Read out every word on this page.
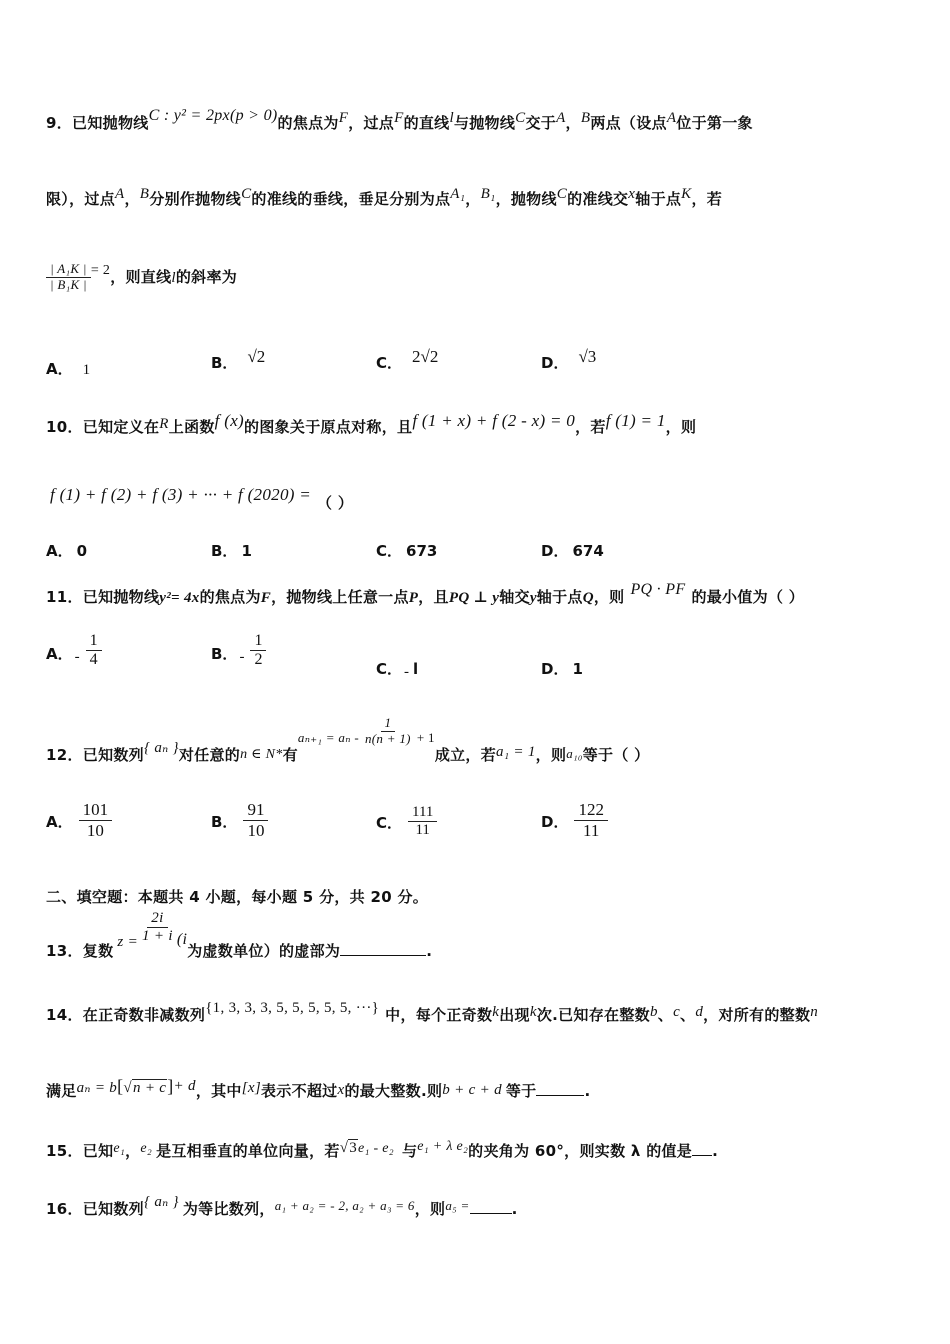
9．已知抛物线C : y² = 2px(p > 0)的焦点为F，过点F的直线l与抛物线C交于A，B两点（设点A位于第一象
限），过点A，B分别作抛物线C的准线的垂线，垂足分别为点A₁，B₁，抛物线C的准线交x轴于点K，若
$\frac{\text{| A₁K |}}{\text{| B₁K |}} = 2$，则直线l的斜率为
A． 1	B． √2	C． 2√2	D． √3
10．已知定义在R上函数f (x)的图象关于原点对称，且f (1 + x) + f (2 - x) = 0，若f (1) = 1，则
f (1) + f (2) + f (3) + ··· + f (2020) = （ ）
A． 0	B． 1	C． 673	D． 674
11．已知抛物线y²= 4x的焦点为F，抛物线上任意一点P，且PQ ⊥ y轴交y轴于点Q，则 PQ · PF 的最小值为（ ）
A． - $\frac{1}{4}$	B． - $\frac{1}{2}$	C． - l	D． 1
12．已知数列{ aₙ }对任意的n ∈ N*有$a_{n+1} = a_n - \frac{1}{n(n + 1)} + 1$成立，若a₁ = 1，则a₁₀等于（ ）
A． $\frac{101}{10}$	B． $\frac{91}{10}$	C． $\frac{111}{11}$	D． $\frac{122}{11}$
二、填空题：本题共 4 小题，每小题 5 分，共 20 分。
13．复数 $z = \frac{2i}{1 + i} (i$为虚数单位）的虚部为	.
14．在正奇数非减数列{1, 3, 3, 3, 5, 5, 5, 5, 5, ···} 中，每个正奇数k出现k次.已知存在整数b、c、d，对所有的整数n
满足aₙ = b[√n + c]+ d，其中[x]表示不超过x的最大整数.则b + c + d 等于	.
15．已知e₁，e₂ 是互相垂直的单位向量，若√3e₁ - e₂ 与e₁ + λ e₂的夹角为 60°，则实数 λ 的值是 .
16．已知数列{ aₙ } 为等比数列，a₁ + a₂ = - 2, a₂ + a₃ = 6，则a₅ =	.
